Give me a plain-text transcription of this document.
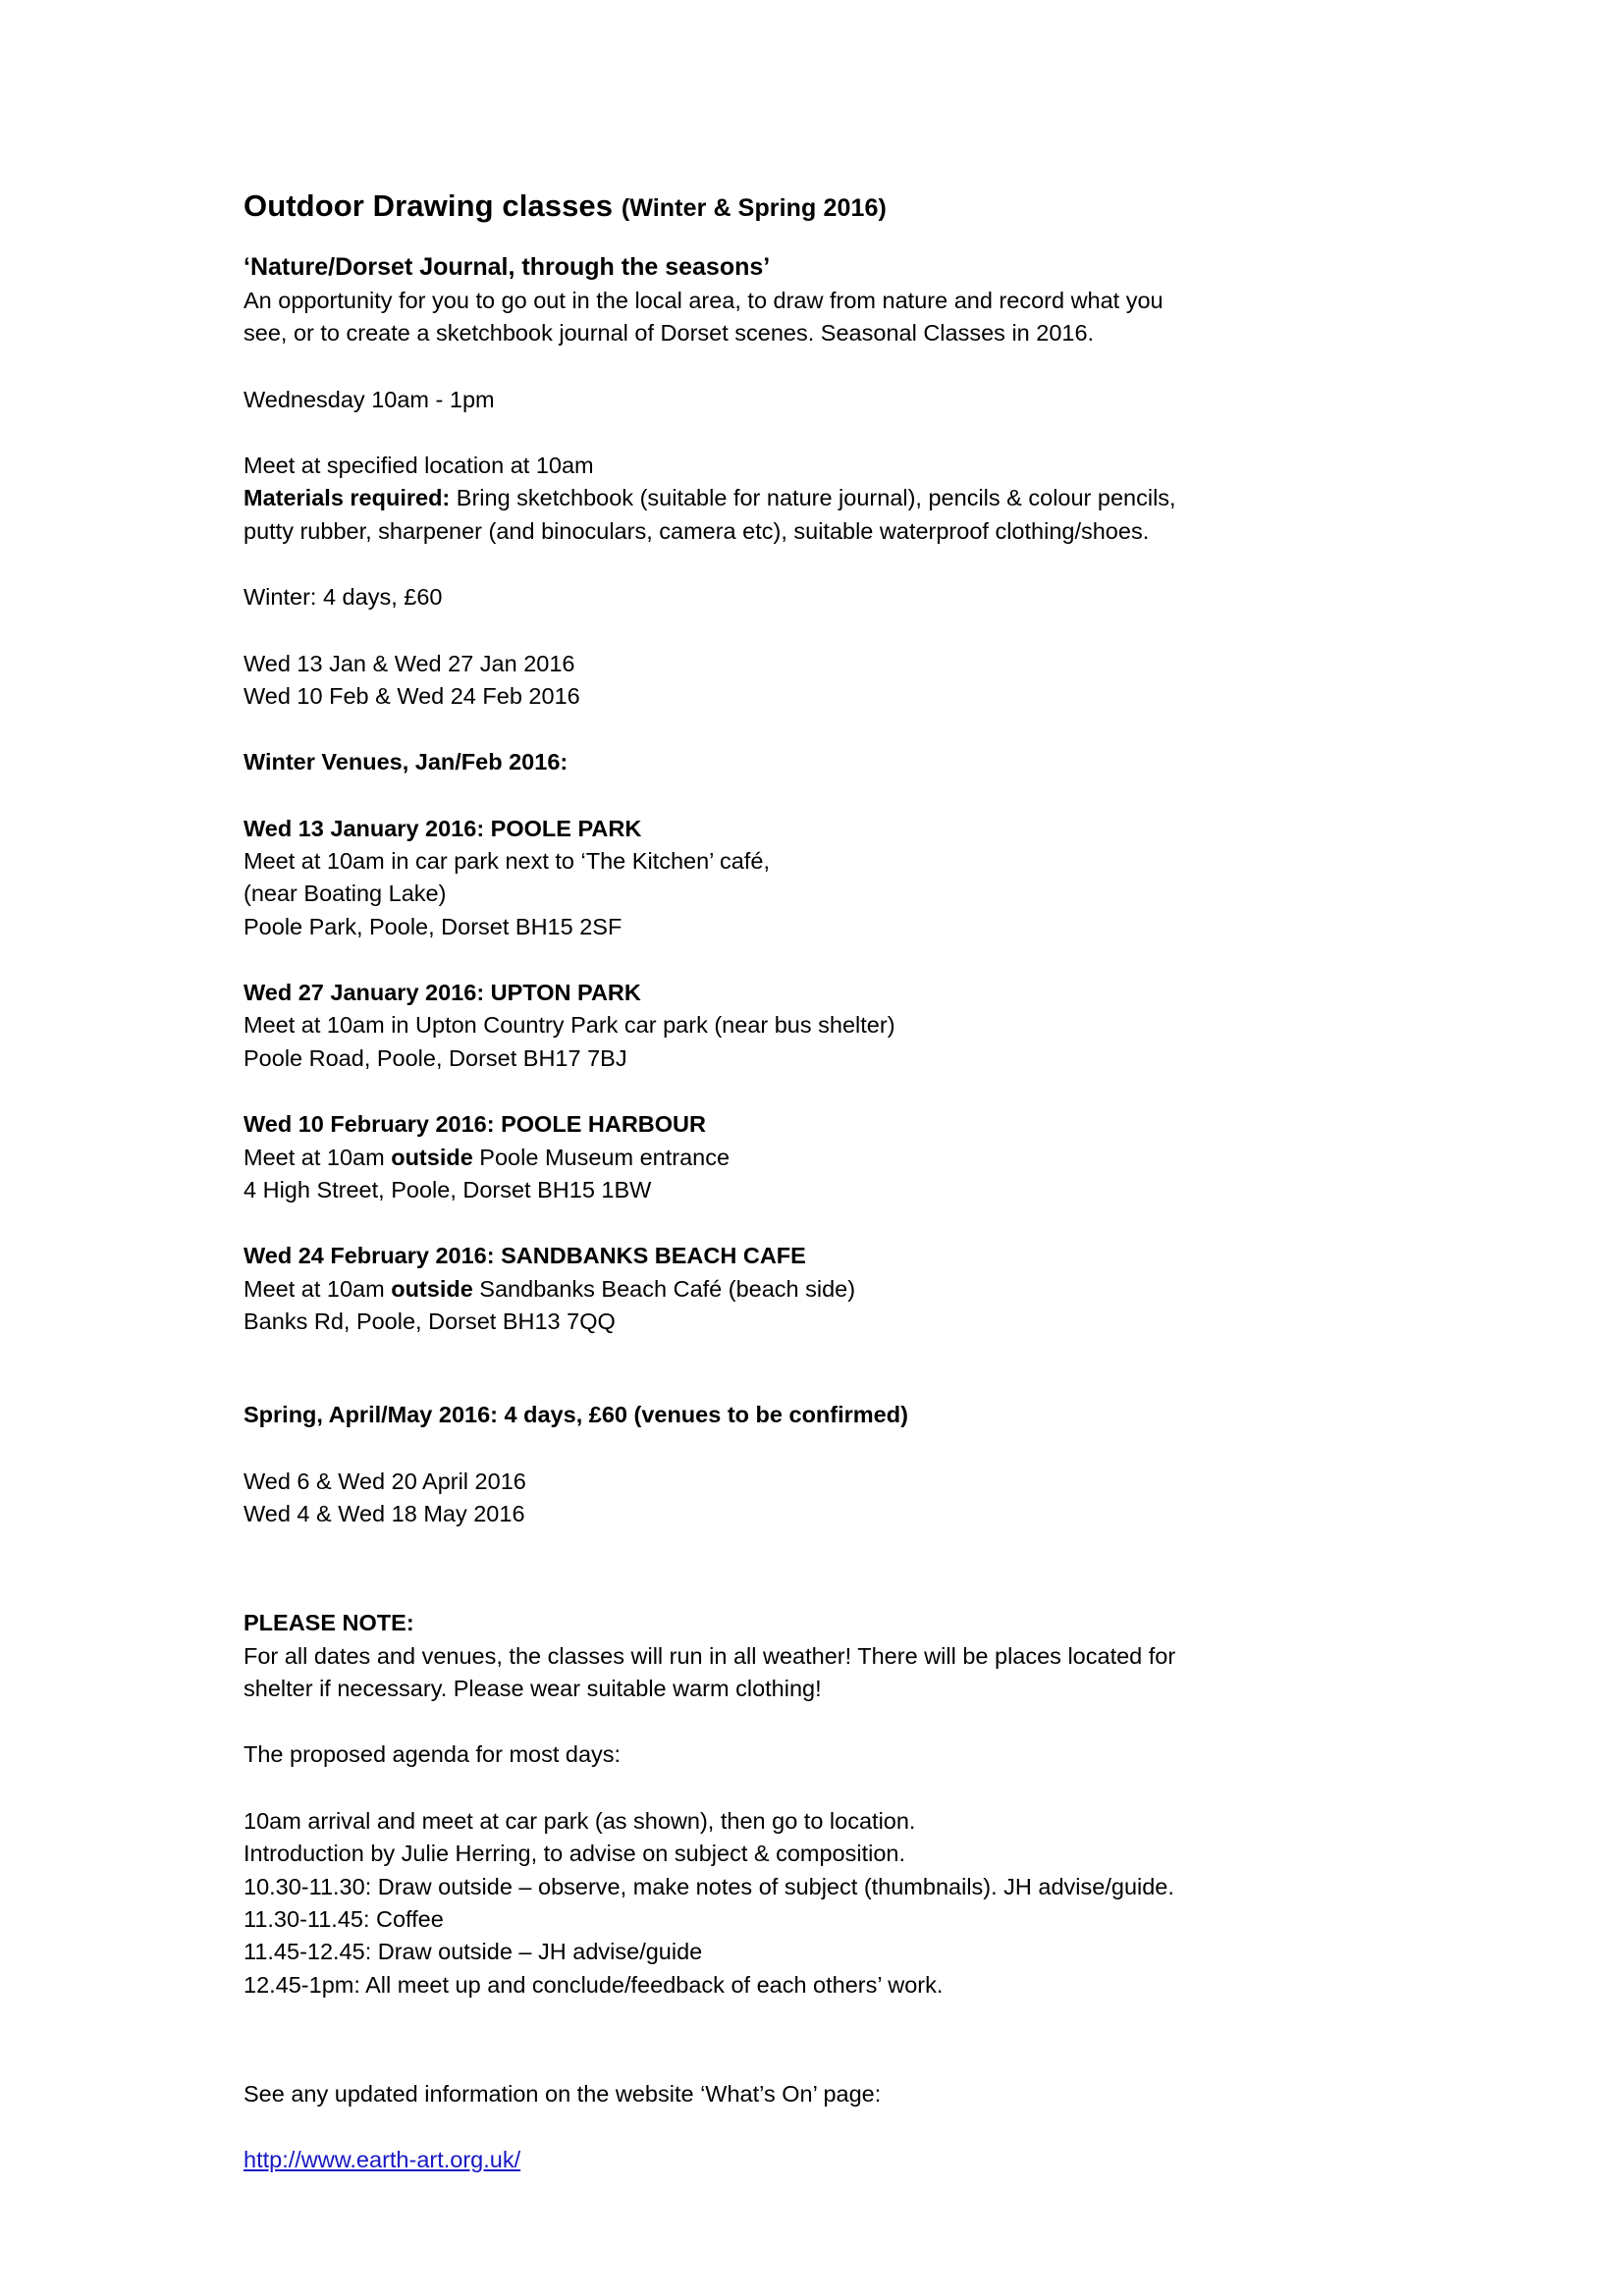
Outdoor Drawing classes (Winter & Spring 2016)
‘Nature/Dorset Journal, through the seasons’

An opportunity for you to go out in the local area, to draw from nature and record what you

see, or to create a sketchbook journal of Dorset scenes. Seasonal Classes in 2016.

Wednesday 10am - 1pm

Meet at specified location at 10am

Materials required: Bring sketchbook (suitable for nature journal), pencils & colour pencils,

putty rubber, sharpener (and binoculars, camera etc), suitable waterproof clothing/shoes.

Winter: 4 days, £60

Wed 13 Jan & Wed 27 Jan 2016

Wed 10 Feb & Wed 24 Feb 2016

Winter Venues, Jan/Feb 2016:

Wed 13 January 2016: POOLE PARK

Meet at 10am in car park next to ‘The Kitchen’ café,

(near Boating Lake)

Poole Park, Poole, Dorset BH15 2SF

Wed 27 January 2016: UPTON PARK

Meet at 10am in Upton Country Park car park (near bus shelter)

Poole Road, Poole, Dorset BH17 7BJ

Wed 10 February 2016: POOLE HARBOUR

Meet at 10am outside Poole Museum entrance

4 High Street, Poole, Dorset BH15 1BW

Wed 24 February 2016: SANDBANKS BEACH CAFE

Meet at 10am outside Sandbanks Beach Café (beach side)

Banks Rd, Poole, Dorset BH13 7QQ

Spring, April/May 2016: 4 days, £60 (venues to be confirmed)

Wed 6 & Wed 20 April 2016

Wed 4 & Wed 18 May 2016

PLEASE NOTE:

For all dates and venues, the classes will run in all weather! There will be places located for

shelter if necessary. Please wear suitable warm clothing!

The proposed agenda for most days:

10am arrival and meet at car park (as shown), then go to location.

Introduction by Julie Herring, to advise on subject & composition.

10.30-11.30: Draw outside – observe, make notes of subject (thumbnails). JH advise/guide.

11.30-11.45: Coffee

11.45-12.45: Draw outside – JH advise/guide

12.45-1pm: All meet up and conclude/feedback of each others’ work.

See any updated information on the website ‘What’s On’ page:

http://www.earth-art.org.uk/
